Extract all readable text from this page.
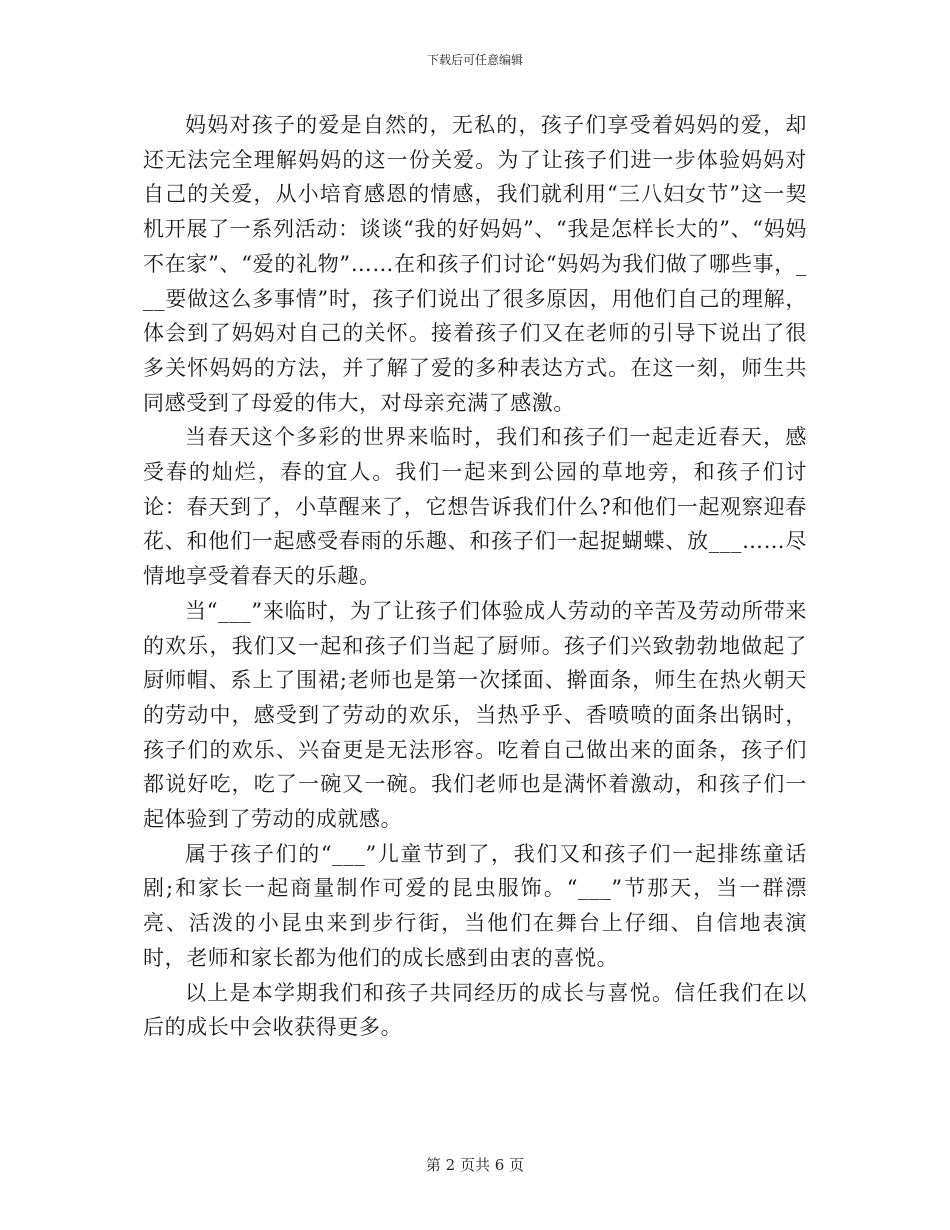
下载后可任意编辑

妈妈对孩子的爱是自然的，无私的，孩子们享受着妈妈的爱，却还无法完全理解妈妈的这一份关爱。为了让孩子们进一步体验妈妈对自己的关爱，从小培育感恩的情感，我们就利用“三八妇女节”这一契机开展了一系列活动：谈谈“我的好妈妈”、“我是怎样长大的”、“妈妈不在家”、“爱的礼物”……在和孩子们讨论“妈妈为我们做了哪些事，___要做这么多事情”时，孩子们说出了很多原因，用他们自己的理解，体会到了妈妈对自己的关怀。接着孩子们又在老师的引导下说出了很多关怀妈妈的方法，并了解了爱的多种表达方式。在这一刻，师生共同感受到了母爱的伟大，对母亲充满了感激。

当春天这个多彩的世界来临时，我们和孩子们一起走近春天，感受春的灿烂，春的宜人。我们一起来到公园的草地旁，和孩子们讨论：春天到了，小草醒来了，它想告诉我们什么?和他们一起观察迎春花、和他们一起感受春雨的乐趣、和孩子们一起捉蝴蝶、放___……尽情地享受着春天的乐趣。

当“___”来临时，为了让孩子们体验成人劳动的辛苦及劳动所带来的欢乐，我们又一起和孩子们当起了厨师。孩子们兴致勃勃地做起了厨师帽、系上了围裙;老师也是第一次揉面、擀面条，师生在热火朝天的劳动中，感受到了劳动的欢乐，当热乎乎、香喷喷的面条出锅时，孩子们的欢乐、兴奋更是无法形容。吃着自己做出来的面条，孩子们都说好吃，吃了一碗又一碗。我们老师也是满怀着激动，和孩子们一起体验到了劳动的成就感。

属于孩子们的“___”儿童节到了，我们又和孩子们一起排练童话剧;和家长一起商量制作可爱的昆虫服饰。“___”节那天，当一群漂亮、活泼的小昆虫来到步行街，当他们在舞台上仔细、自信地表演时，老师和家长都为他们的成长感到由衷的喜悦。

以上是本学期我们和孩子共同经历的成长与喜悦。信任我们在以后的成长中会收获得更多。

第 2 页共 6 页
